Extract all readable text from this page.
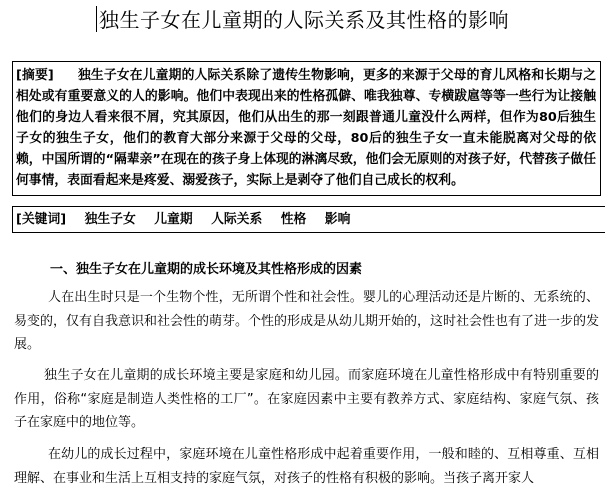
独生子女在儿童期的人际关系及其性格的影响
[摘要] 独生子女在儿童期的人际关系除了遗传生物影响，更多的来源于父母的育儿风格和长期与之相处或有重要意义的人的影响。他们中表现出来的性格孤僻、唯我独尊、专横跋扈等等一些行为让接触他们的身边人看来很不屑，究其原因，他们从出生的那一刻跟普通儿童没什么两样，但作为80后独生子女的独生子女，他们的教育大部分来源于父母的父母，80后的独生子女一直未能脱离对父母的依赖，中国所谓的“隔辈亲”在现在的孩子身上体现的淋漓尽致，他们会无原则的对孩子好，代替孩子做任何事情，表面看起来是疼爱、溺爱孩子，实际上是剥夺了他们自己成长的权利。
[关键词] 独生子女 儿童期 人际关系 性格 影响
一、独生子女在儿童期的成长环境及其性格形成的因素

人在出生时只是一个生物个性，无所谓个性和社会性。婴儿的心理活动还是片断的、无系统的、易变的，仅有自我意识和社会性的萌芽。个性的形成是从幼儿期开始的，这时社会性也有了进一步的发展。

独生子女在儿童期的成长环境主要是家庭和幼儿园。而家庭环境在儿童性格形成中有特别重要的作用，俗称“家庭是制造人类性格的工厂”。在家庭因素中主要有教养方式、家庭结构、家庭气氛、孩子在家庭中的地位等。

在幼儿的成长过程中，家庭环境在儿童性格形成中起着重要作用，一般和睦的、互相尊重、互相理解、在事业和生活上互相支持的家庭气氛，对孩子的性格有积极的影响。当孩子离开家人
